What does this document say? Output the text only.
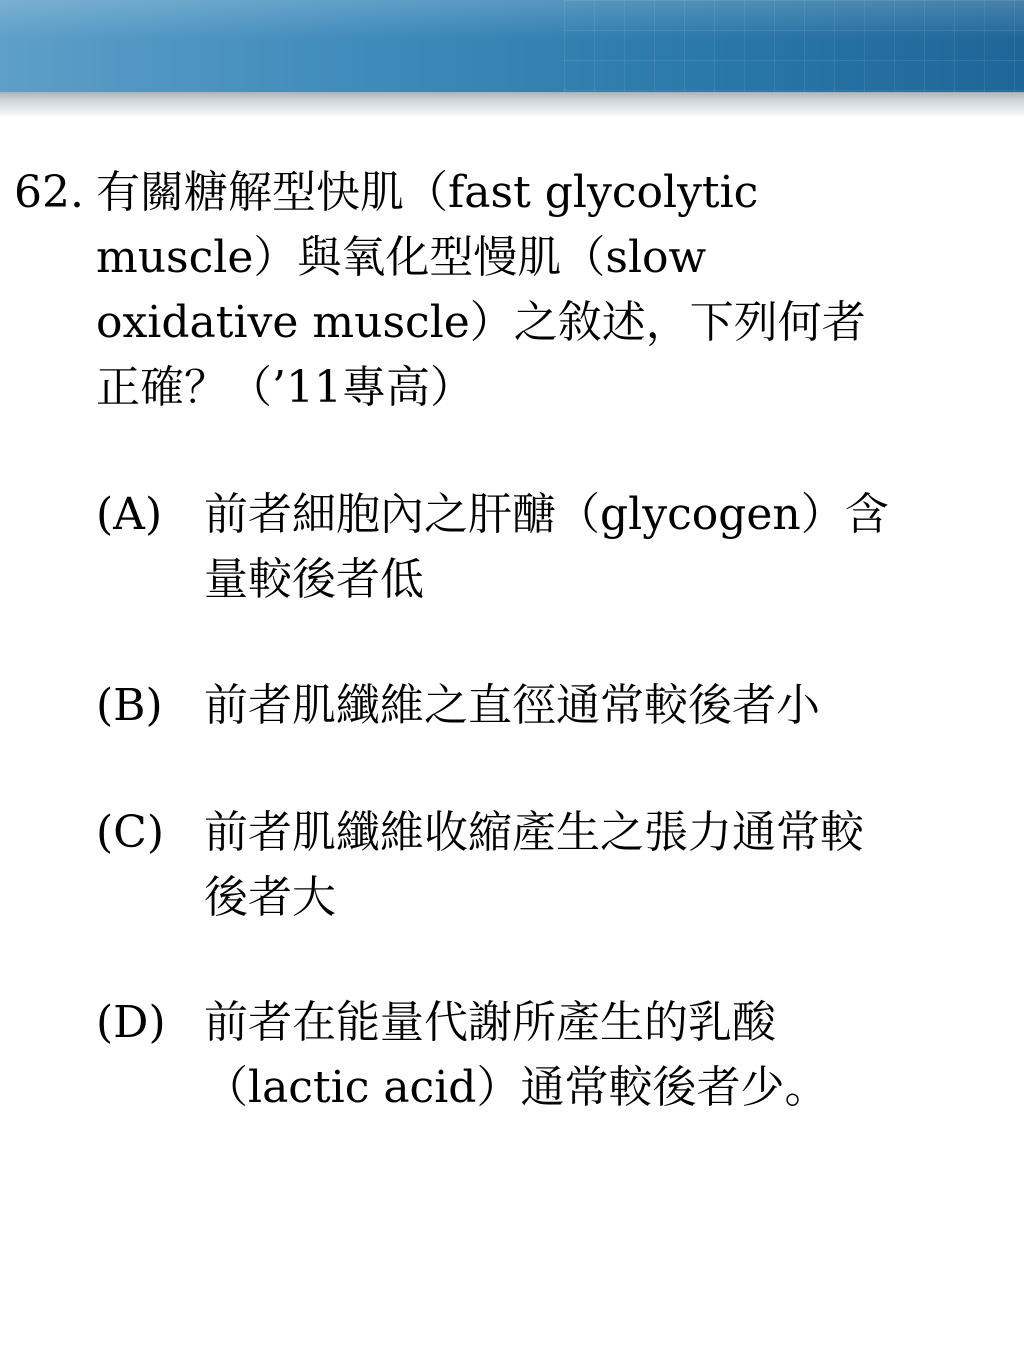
62. 有關糖解型快肌（fast glycolytic
muscle）與氧化型慢肌（slow
oxidative muscle）之敘述，下列何者
正確？（’11專高）
(A) 前者細胞內之肝醣（glycogen）含
量較後者低
(B) 前者肌纖維之直徑通常較後者小
(C) 前者肌纖維收縮產生之張力通常較
後者大
(D) 前者在能量代謝所產生的乳酸
（lactic acid）通常較後者少。
